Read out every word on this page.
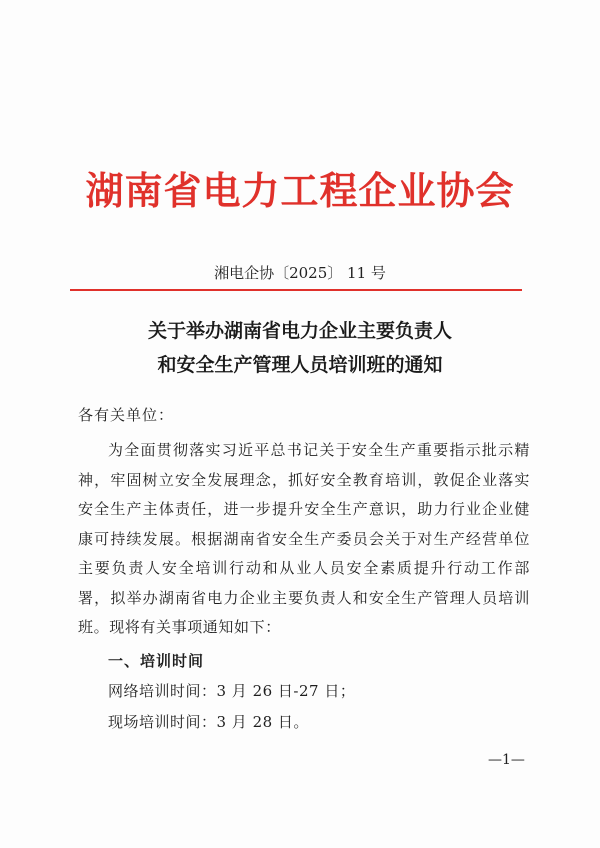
湖南省电力工程企业协会
湘电企协〔2025〕 11 号
关于举办湖南省电力企业主要负责人
和安全生产管理人员培训班的通知
各有关单位：
为全面贯彻落实习近平总书记关于安全生产重要指示批示精神，牢固树立安全发展理念，抓好安全教育培训，敦促企业落实安全生产主体责任，进一步提升安全生产意识，助力行业企业健康可持续发展。根据湖南省安全生产委员会关于对生产经营单位主要负责人安全培训行动和从业人员安全素质提升行动工作部署，拟举办湖南省电力企业主要负责人和安全生产管理人员培训班。现将有关事项通知如下：
一、培训时间
网络培训时间：3 月 26 日-27 日；
现场培训时间：3 月 28 日。
—1—
